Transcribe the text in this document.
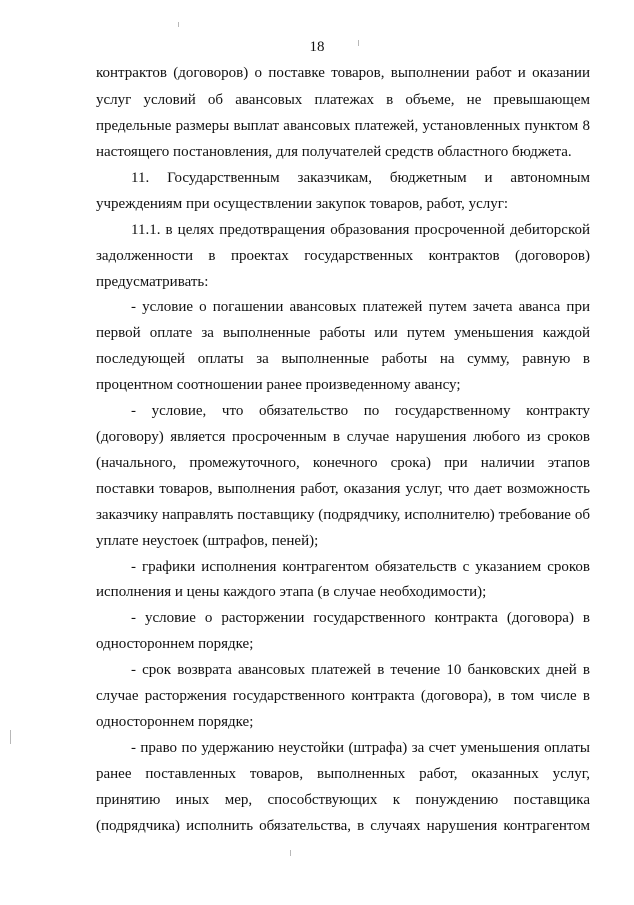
18
контрактов (договоров) о поставке товаров, выполнении работ и оказании
услуг условий об авансовых платежах в объеме, не превышающем
предельные размеры выплат авансовых платежей, установленных пунктом 8
настоящего постановления, для получателей средств областного бюджета.
11. Государственным заказчикам, бюджетным и автономным
учреждениям при осуществлении закупок товаров, работ, услуг:
11.1. в целях предотвращения образования просроченной дебиторской
задолженности в проектах государственных контрактов (договоров)
предусматривать:
- условие о погашении авансовых платежей путем зачета аванса при
первой оплате за выполненные работы или путем уменьшения каждой
последующей оплаты за выполненные работы на сумму, равную в
процентном соотношении ранее произведенному авансу;
- условие, что обязательство по государственному контракту
(договору) является просроченным в случае нарушения любого из сроков
(начального, промежуточного, конечного срока) при наличии этапов
поставки товаров, выполнения работ, оказания услуг, что дает возможность
заказчику направлять поставщику (подрядчику, исполнителю) требование об
уплате неустоек (штрафов, пеней);
- графики исполнения контрагентом обязательств с указанием сроков
исполнения и цены каждого этапа (в случае необходимости);
- условие о расторжении государственного контракта (договора) в
одностороннем порядке;
- срок возврата авансовых платежей в течение 10 банковских дней в
случае расторжения государственного контракта (договора), в том числе в
одностороннем порядке;
- право по удержанию неустойки (штрафа) за счет уменьшения оплаты
ранее поставленных товаров, выполненных работ, оказанных услуг,
принятию иных мер, способствующих к понуждению поставщика
(подрядчика) исполнить обязательства, в случаях нарушения контрагентом
